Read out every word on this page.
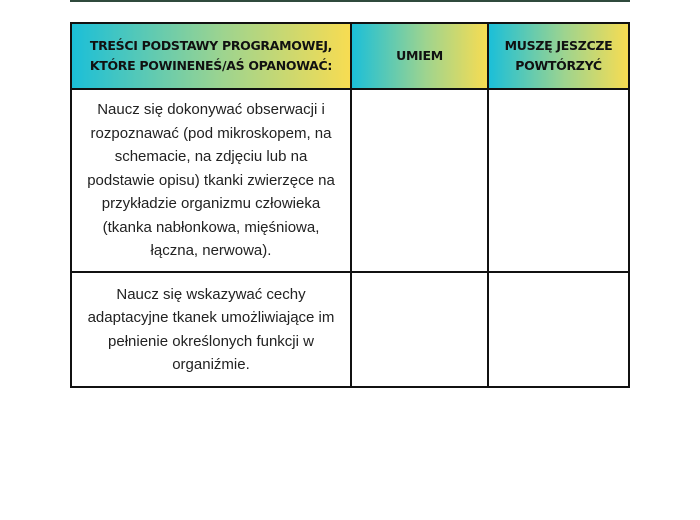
TREŚCI PODSTAWY PROGRAMOWEJ, KTÓRE POWINENEŚ/AŚ OPANOWAĆ:	UMIEM	MUSZĘ JESZCZE POWTÓRZYĆ
Naucz się dokonywać obserwacji i rozpoznawać (pod mikroskopem, na schemacie, na zdjęciu lub na podstawie opisu) tkanki zwierzęce na przykładzie organizmu człowieka (tkanka nabłonkowa, mięśniowa, łączna, nerwowa).		
Naucz się wskazywać cechy adaptacyjne tkanek umożliwiające im pełnienie określonych funkcji w organiźmie.		
